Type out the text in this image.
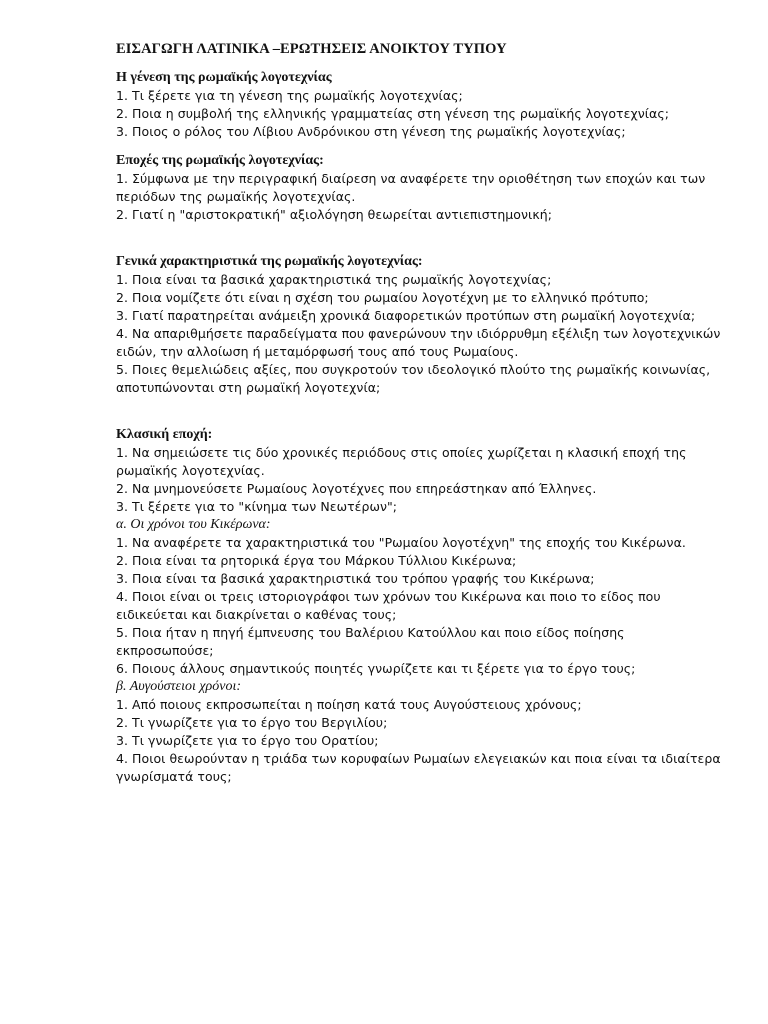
ΕΙΣΑΓΩΓΗ ΛΑΤΙΝΙΚΑ –ΕΡΩΤΗΣΕΙΣ ΑΝΟΙΚΤΟΥ ΤΥΠΟΥ
Η γένεση της ρωμαϊκής λογοτεχνίας
1. Τι ξέρετε για τη γένεση της ρωμαϊκής λογοτεχνίας;
2. Ποια η συμβολή της ελληνικής γραμματείας στη γένεση της ρωμαϊκής λογοτεχνίας;
3. Ποιος ο ρόλος του Λίβιου Ανδρόνικου στη γένεση της ρωμαϊκής λογοτεχνίας;
Εποχές της ρωμαϊκής λογοτεχνίας:
1. Σύμφωνα με την περιγραφική διαίρεση να αναφέρετε την οριοθέτηση των εποχών και των περιόδων της ρωμαϊκής λογοτεχνίας.
2. Γιατί η "αριστοκρατική" αξιολόγηση θεωρείται αντιεπιστημονική;
Γενικά χαρακτηριστικά της ρωμαϊκής λογοτεχνίας:
1. Ποια είναι τα βασικά χαρακτηριστικά της ρωμαϊκής λογοτεχνίας;
2. Ποια νομίζετε ότι είναι η σχέση του ρωμαίου λογοτέχνη με το ελληνικό πρότυπο;
3. Γιατί παρατηρείται ανάμειξη χρονικά διαφορετικών προτύπων στη ρωμαϊκή λογοτεχνία;
4. Να απαριθμήσετε παραδείγματα που φανερώνουν την ιδιόρρυθμη εξέλιξη των λογοτεχνικών ειδών, την αλλοίωση ή μεταμόρφωσή τους από τους Ρωμαίους.
5. Ποιες θεμελιώδεις αξίες, που συγκροτούν τον ιδεολογικό πλούτο της ρωμαϊκής κοινωνίας, αποτυπώνονται στη ρωμαϊκή λογοτεχνία;
Κλασική εποχή:
1. Να σημειώσετε τις δύο χρονικές περιόδους στις οποίες χωρίζεται η κλασική εποχή της ρωμαϊκής λογοτεχνίας.
2. Να μνημονεύσετε Ρωμαίους λογοτέχνες που επηρεάστηκαν από Έλληνες.
3. Τι ξέρετε για το "κίνημα των Νεωτέρων";
α. Οι χρόνοι του Κικέρωνα:
1. Να αναφέρετε τα χαρακτηριστικά του "Ρωμαίου λογοτέχνη" της εποχής του Κικέρωνα.
2. Ποια είναι τα ρητορικά έργα του Μάρκου Τύλλιου Κικέρωνα;
3. Ποια είναι τα βασικά χαρακτηριστικά του τρόπου γραφής του Κικέρωνα;
4. Ποιοι είναι οι τρεις ιστοριογράφοι των χρόνων του Κικέρωνα και ποιο το είδος που ειδικεύεται και διακρίνεται ο καθένας τους;
5. Ποια ήταν η πηγή έμπνευσης του Βαλέριου Κατούλλου και ποιο είδος ποίησης εκπροσωπούσε;
6. Ποιους άλλους σημαντικούς ποιητές γνωρίζετε και τι ξέρετε για το έργο τους;
β. Αυγούστειοι χρόνοι:
1. Από ποιους εκπροσωπείται η ποίηση κατά τους Αυγούστειους χρόνους;
2. Τι γνωρίζετε για το έργο του Βεργιλίου;
3. Τι γνωρίζετε για το έργο του Ορατίου;
4. Ποιοι θεωρούνταν η τριάδα των κορυφαίων Ρωμαίων ελεγειακών και ποια είναι τα ιδιαίτερα γνωρίσματά τους;
